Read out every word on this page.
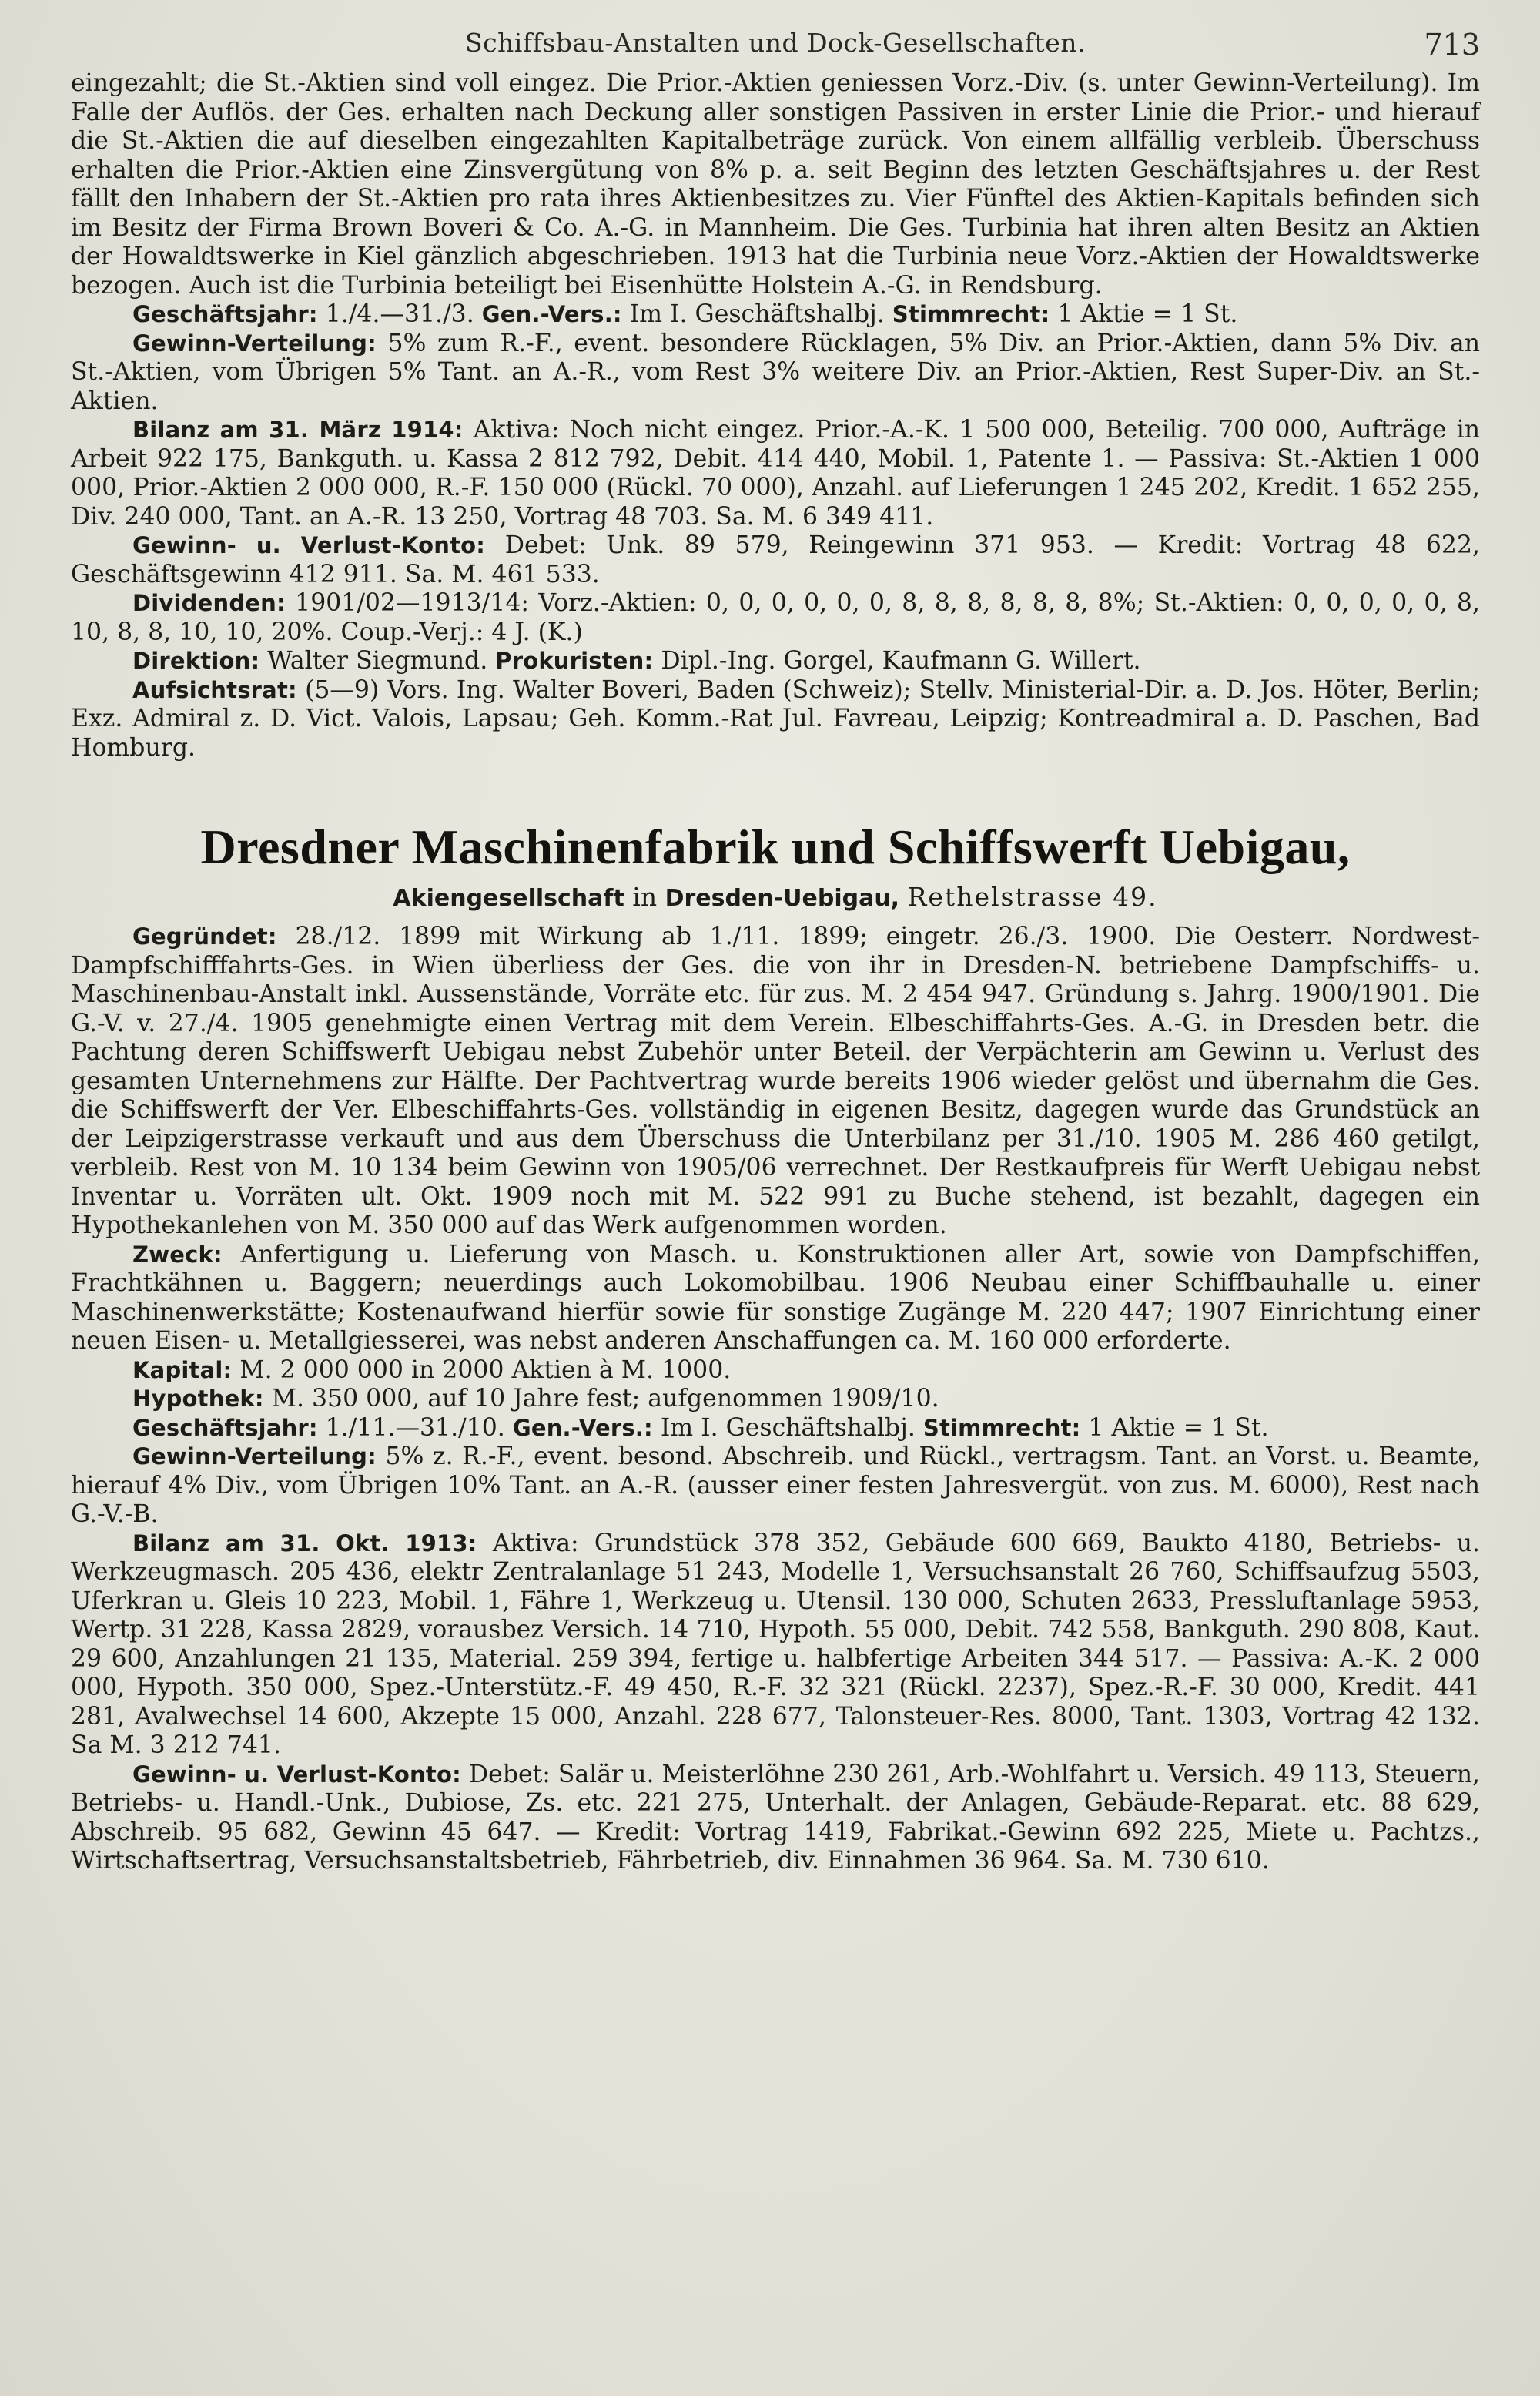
Schiffsbau-Anstalten und Dock-Gesellschaften.	713

eingezahlt; die St.-Aktien sind voll eingez. Die Prior.-Aktien geniessen Vorz.-Div. (s. unter Gewinn-Verteilung). Im Falle der Auflös. der Ges. erhalten nach Deckung aller sonstigen Passiven in erster Linie die Prior.- und hierauf die St.-Aktien die auf dieselben eingezahlten Kapitalbeträge zurück. Von einem allfällig verbleib. Überschuss erhalten die Prior.-Aktien eine Zinsvergütung von 8% p. a. seit Beginn des letzten Geschäftsjahres u. der Rest fällt den Inhabern der St.-Aktien pro rata ihres Aktienbesitzes zu. Vier Fünftel des Aktien-Kapitals befinden sich im Besitz der Firma Brown Boveri & Co. A.-G. in Mannheim. Die Ges. Turbinia hat ihren alten Besitz an Aktien der Howaldtswerke in Kiel gänzlich abgeschrieben. 1913 hat die Turbinia neue Vorz.-Aktien der Howaldtswerke bezogen. Auch ist die Turbinia beteiligt bei Eisenhütte Holstein A.-G. in Rendsburg.

Geschäftsjahr: 1./4.—31./3. Gen.-Vers.: Im I. Geschäftshalbj. Stimmrecht: 1 Aktie = 1 St.

Gewinn-Verteilung: 5% zum R.-F., event. besondere Rücklagen, 5% Div. an Prior.-Aktien, dann 5% Div. an St.-Aktien, vom Übrigen 5% Tant. an A.-R., vom Rest 3% weitere Div. an Prior.-Aktien, Rest Super-Div. an St.-Aktien.

Bilanz am 31. März 1914: Aktiva: Noch nicht eingez. Prior.-A.-K. 1 500 000, Beteilig. 700 000, Aufträge in Arbeit 922 175, Bankguth. u. Kassa 2 812 792, Debit. 414 440, Mobil. 1, Patente 1. — Passiva: St.-Aktien 1 000 000, Prior.-Aktien 2 000 000, R.-F. 150 000 (Rückl. 70 000), Anzahl. auf Lieferungen 1 245 202, Kredit. 1 652 255, Div. 240 000, Tant. an A.-R. 13 250, Vortrag 48 703. Sa. M. 6 349 411.

Gewinn- u. Verlust-Konto: Debet: Unk. 89 579, Reingewinn 371 953. — Kredit: Vortrag 48 622, Geschäftsgewinn 412 911. Sa. M. 461 533.

Dividenden: 1901/02—1913/14: Vorz.-Aktien: 0, 0, 0, 0, 0, 0, 8, 8, 8, 8, 8, 8, 8%; St.-Aktien: 0, 0, 0, 0, 0, 8, 10, 8, 8, 10, 10, 20%. Coup.-Verj.: 4 J. (K.)

Direktion: Walter Siegmund. Prokuristen: Dipl.-Ing. Gorgel, Kaufmann G. Willert.

Aufsichtsrat: (5—9) Vors. Ing. Walter Boveri, Baden (Schweiz); Stellv. Ministerial-Dir. a. D. Jos. Höter, Berlin; Exz. Admiral z. D. Vict. Valois, Lapsau; Geh. Komm.-Rat Jul. Favreau, Leipzig; Kontreadmiral a. D. Paschen, Bad Homburg.

Dresdner Maschinenfabrik und Schiffswerft Uebigau,

Akiengesellschaft in Dresden-Uebigau, Rethelstrasse 49.

Gegründet: 28./12. 1899 mit Wirkung ab 1./11. 1899; eingetr. 26./3. 1900. Die Oesterr. Nordwest-Dampfschifffahrts-Ges. in Wien überliess der Ges. die von ihr in Dresden-N. betriebene Dampfschiffs- u. Maschinenbau-Anstalt inkl. Aussenstände, Vorräte etc. für zus. M. 2 454 947. Gründung s. Jahrg. 1900/1901. Die G.-V. v. 27./4. 1905 genehmigte einen Vertrag mit dem Verein. Elbeschiffahrts-Ges. A.-G. in Dresden betr. die Pachtung deren Schiffswerft Uebigau nebst Zubehör unter Beteil. der Verpächterin am Gewinn u. Verlust des gesamten Unternehmens zur Hälfte. Der Pachtvertrag wurde bereits 1906 wieder gelöst und übernahm die Ges. die Schiffswerft der Ver. Elbeschiffahrts-Ges. vollständig in eigenen Besitz, dagegen wurde das Grundstück an der Leipzigerstrasse verkauft und aus dem Überschuss die Unterbilanz per 31./10. 1905 M. 286 460 getilgt, verbleib. Rest von M. 10 134 beim Gewinn von 1905/06 verrechnet. Der Restkaufpreis für Werft Uebigau nebst Inventar u. Vorräten ult. Okt. 1909 noch mit M. 522 991 zu Buche stehend, ist bezahlt, dagegen ein Hypothekanlehen von M. 350 000 auf das Werk aufgenommen worden.

Zweck: Anfertigung u. Lieferung von Masch. u. Konstruktionen aller Art, sowie von Dampfschiffen, Frachtkähnen u. Baggern; neuerdings auch Lokomobilbau. 1906 Neubau einer Schiffbauhalle u. einer Maschinenwerkstätte; Kostenaufwand hierfür sowie für sonstige Zugänge M. 220 447; 1907 Einrichtung einer neuen Eisen- u. Metallgiesserei, was nebst anderen Anschaffungen ca. M. 160 000 erforderte.

Kapital: M. 2 000 000 in 2000 Aktien à M. 1000.

Hypothek: M. 350 000, auf 10 Jahre fest; aufgenommen 1909/10.

Geschäftsjahr: 1./11.—31./10. Gen.-Vers.: Im I. Geschäftshalbj. Stimmrecht: 1 Aktie = 1 St.

Gewinn-Verteilung: 5% z. R.-F., event. besond. Abschreib. und Rückl., vertragsm. Tant. an Vorst. u. Beamte, hierauf 4% Div., vom Übrigen 10% Tant. an A.-R. (ausser einer festen Jahresvergüt. von zus. M. 6000), Rest nach G.-V.-B.

Bilanz am 31. Okt. 1913: Aktiva: Grundstück 378 352, Gebäude 600 669, Baukto 4180, Betriebs- u. Werkzeugmasch. 205 436, elektr Zentralanlage 51 243, Modelle 1, Versuchsanstalt 26 760, Schiffsaufzug 5503, Uferkran u. Gleis 10 223, Mobil. 1, Fähre 1, Werkzeug u. Utensil. 130 000, Schuten 2633, Pressluftanlage 5953, Wertp. 31 228, Kassa 2829, vorausbez Versich. 14 710, Hypoth. 55 000, Debit. 742 558, Bankguth. 290 808, Kaut. 29 600, Anzahlungen 21 135, Material. 259 394, fertige u. halbfertige Arbeiten 344 517. — Passiva: A.-K. 2 000 000, Hypoth. 350 000, Spez.-Unterstütz.-F. 49 450, R.-F. 32 321 (Rückl. 2237), Spez.-R.-F. 30 000, Kredit. 441 281, Avalwechsel 14 600, Akzepte 15 000, Anzahl. 228 677, Talonsteuer-Res. 8000, Tant. 1303, Vortrag 42 132. Sa M. 3 212 741.

Gewinn- u. Verlust-Konto: Debet: Salär u. Meisterlöhne 230 261, Arb.-Wohlfahrt u. Versich. 49 113, Steuern, Betriebs- u. Handl.-Unk., Dubiose, Zs. etc. 221 275, Unterhalt. der Anlagen, Gebäude-Reparat. etc. 88 629, Abschreib. 95 682, Gewinn 45 647. — Kredit: Vortrag 1419, Fabrikat.-Gewinn 692 225, Miete u. Pachtzs., Wirtschaftsertrag, Versuchsanstaltsbetrieb, Fährbetrieb, div. Einnahmen 36 964. Sa. M. 730 610.
